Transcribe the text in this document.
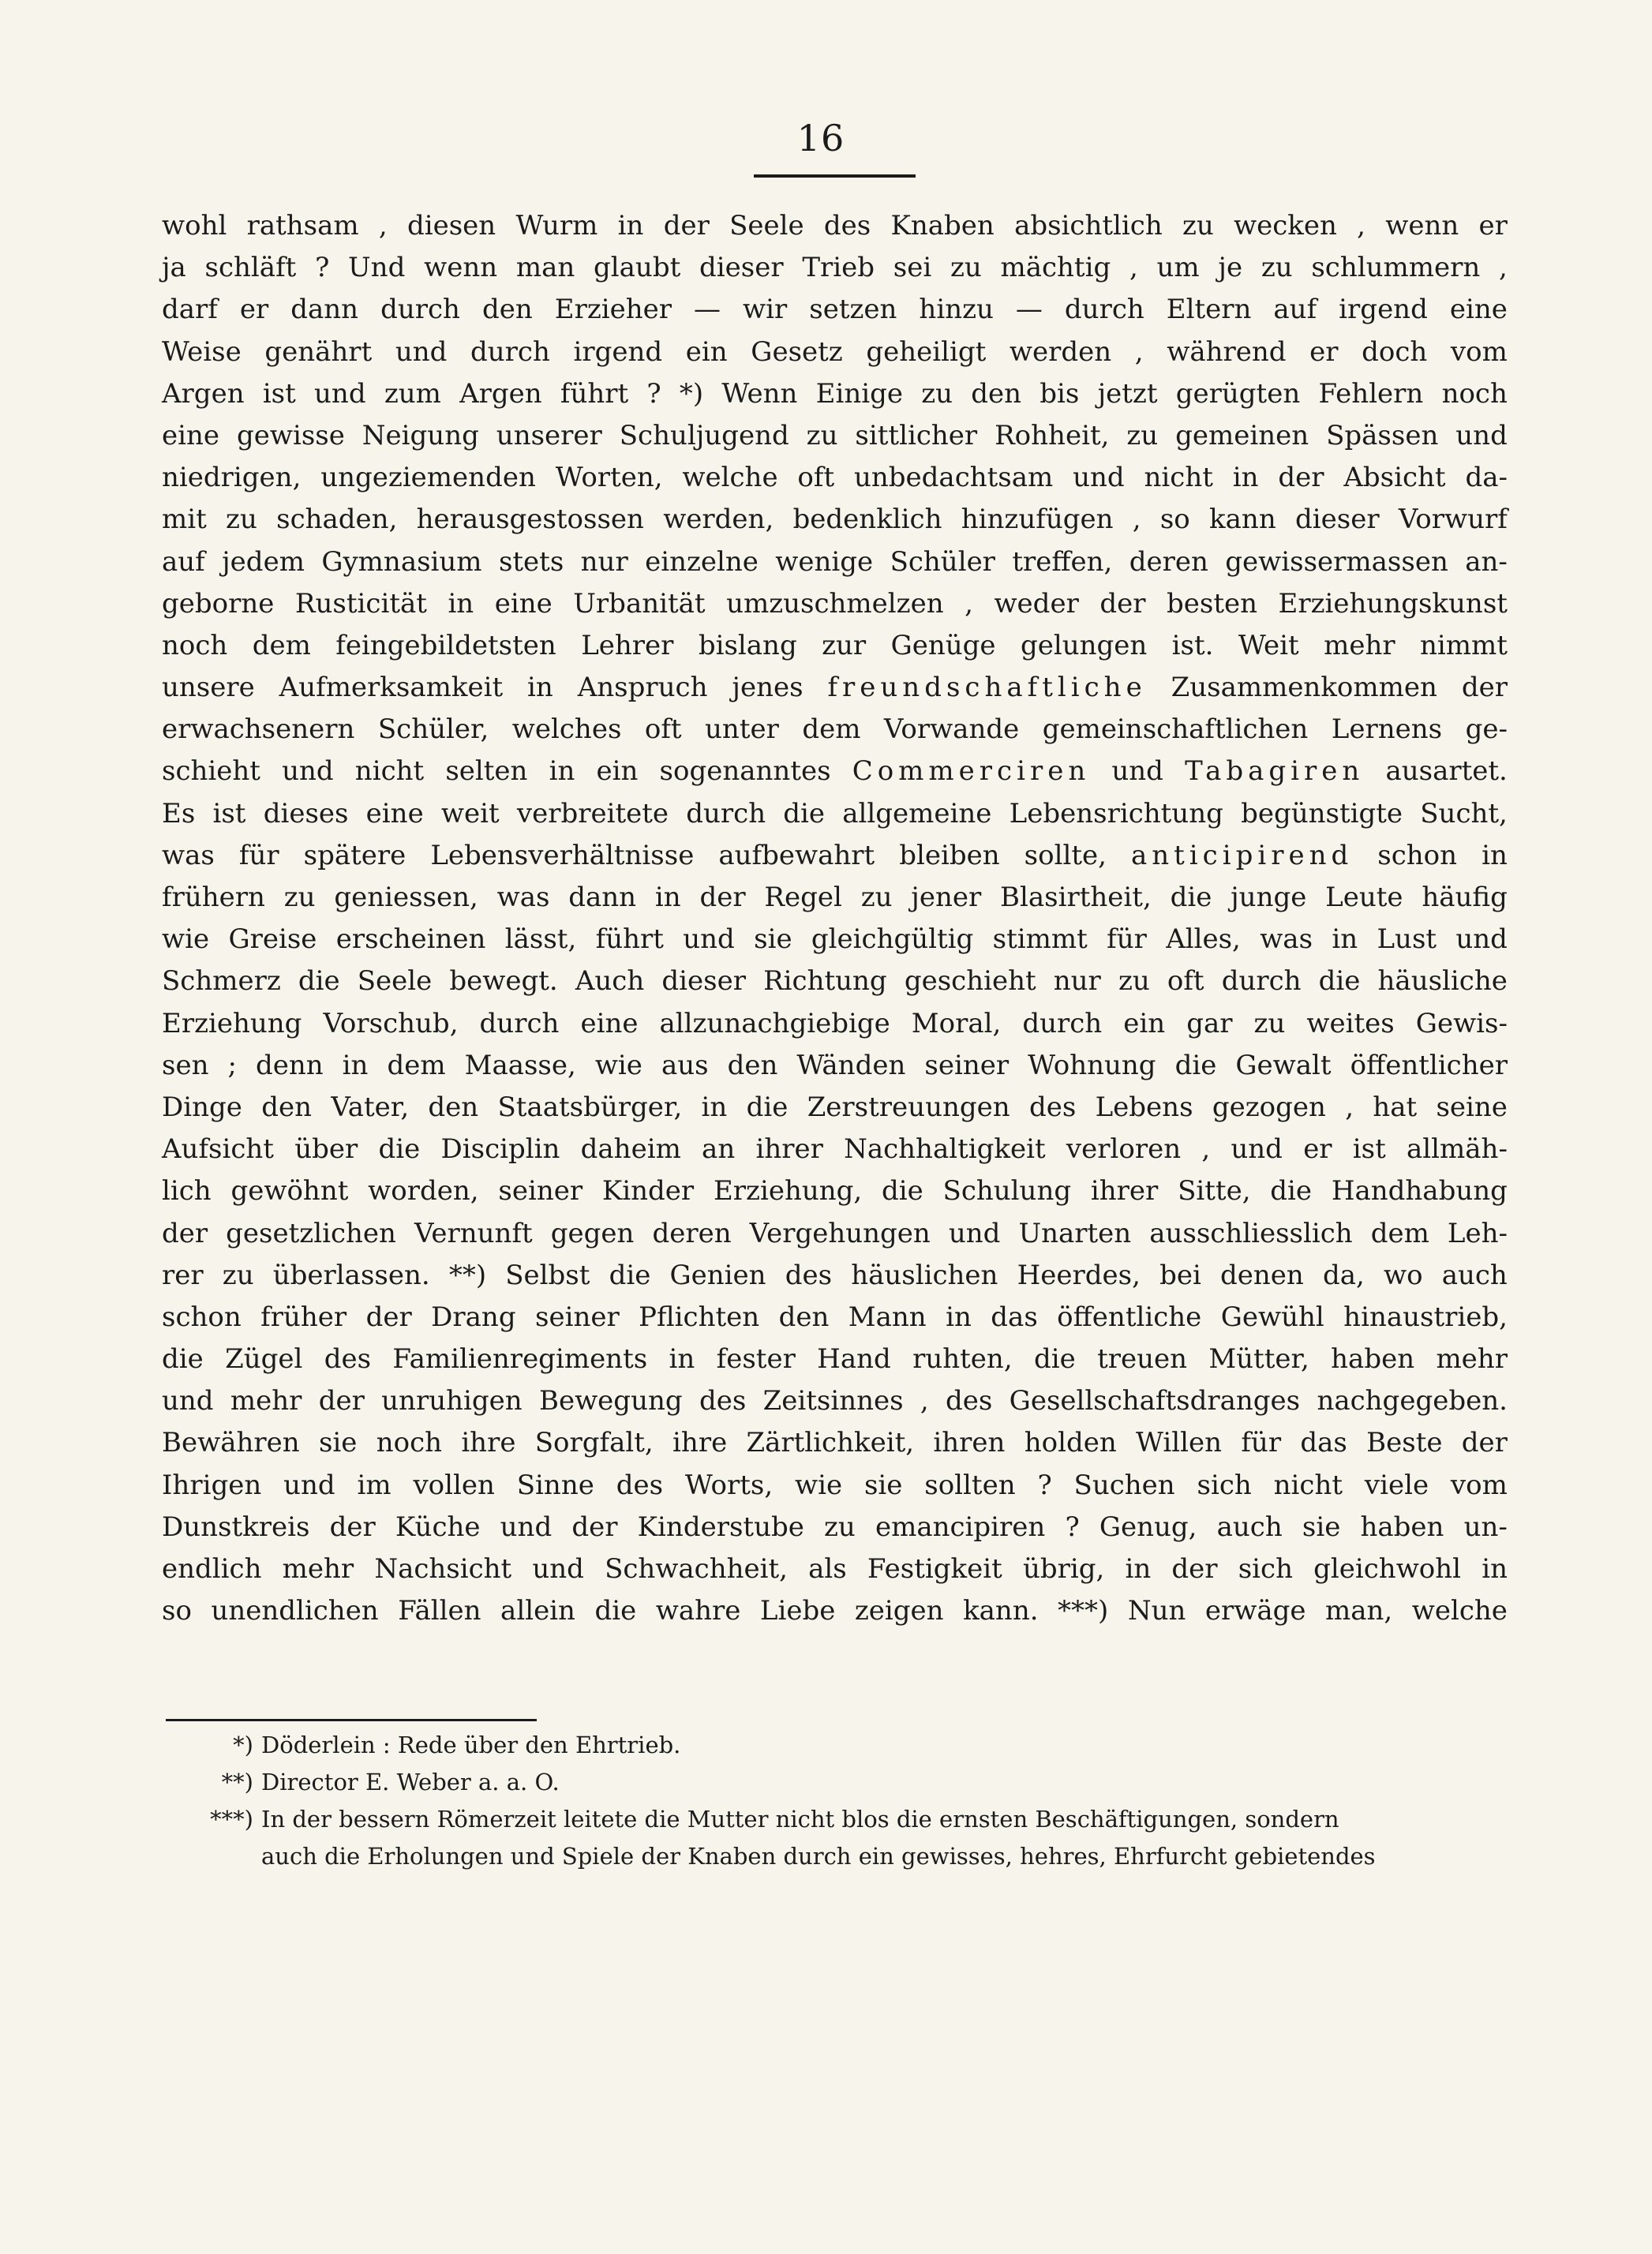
16
wohl rathsam , diesen Wurm in der Seele des Knaben absichtlich zu wecken , wenn er
ja schläft ? Und wenn man glaubt dieser Trieb sei zu mächtig , um je zu schlummern ,
darf er dann durch den Erzieher — wir setzen hinzu — durch Eltern auf irgend eine
Weise genährt und durch irgend ein Gesetz geheiligt werden , während er doch vom
Argen ist und zum Argen führt ? *) Wenn Einige zu den bis jetzt gerügten Fehlern noch
eine gewisse Neigung unserer Schuljugend zu sittlicher Rohheit, zu gemeinen Spässen und
niedrigen, ungeziemenden Worten, welche oft unbedachtsam und nicht in der Absicht da-
mit zu schaden, herausgestossen werden, bedenklich hinzufügen , so kann dieser Vorwurf
auf jedem Gymnasium stets nur einzelne wenige Schüler treffen, deren gewissermassen an-
geborne Rusticität in eine Urbanität umzuschmelzen , weder der besten Erziehungskunst
noch dem feingebildetsten Lehrer bislang zur Genüge gelungen ist. Weit mehr nimmt
unsere Aufmerksamkeit in Anspruch jenes freundschaftliche Zusammenkommen der
erwachsenern Schüler, welches oft unter dem Vorwande gemeinschaftlichen Lernens ge-
schieht und nicht selten in ein sogenanntes Commerciren und Tabagiren ausartet.
Es ist dieses eine weit verbreitete durch die allgemeine Lebensrichtung begünstigte Sucht,
was für spätere Lebensverhältnisse aufbewahrt bleiben sollte, anticipirend schon in
frühern zu geniessen, was dann in der Regel zu jener Blasirtheit, die junge Leute häufig
wie Greise erscheinen lässt, führt und sie gleichgültig stimmt für Alles, was in Lust und
Schmerz die Seele bewegt. Auch dieser Richtung geschieht nur zu oft durch die häusliche
Erziehung Vorschub, durch eine allzunachgiebige Moral, durch ein gar zu weites Gewis-
sen ; denn in dem Maasse, wie aus den Wänden seiner Wohnung die Gewalt öffentlicher
Dinge den Vater, den Staatsbürger, in die Zerstreuungen des Lebens gezogen , hat seine
Aufsicht über die Disciplin daheim an ihrer Nachhaltigkeit verloren , und er ist allmäh-
lich gewöhnt worden, seiner Kinder Erziehung, die Schulung ihrer Sitte, die Handhabung
der gesetzlichen Vernunft gegen deren Vergehungen und Unarten ausschliesslich dem Leh-
rer zu überlassen. **) Selbst die Genien des häuslichen Heerdes, bei denen da, wo auch
schon früher der Drang seiner Pflichten den Mann in das öffentliche Gewühl hinaustrieb,
die Zügel des Familienregiments in fester Hand ruhten, die treuen Mütter, haben mehr
und mehr der unruhigen Bewegung des Zeitsinnes , des Gesellschaftsdranges nachgegeben.
Bewähren sie noch ihre Sorgfalt, ihre Zärtlichkeit, ihren holden Willen für das Beste der
Ihrigen und im vollen Sinne des Worts, wie sie sollten ? Suchen sich nicht viele vom
Dunstkreis der Küche und der Kinderstube zu emancipiren ? Genug, auch sie haben un-
endlich mehr Nachsicht und Schwachheit, als Festigkeit übrig, in der sich gleichwohl in
so unendlichen Fällen allein die wahre Liebe zeigen kann. ***) Nun erwäge man, welche
*) Döderlein : Rede über den Ehrtrieb.
**) Director E. Weber a. a. O.
***) In der bessern Römerzeit leitete die Mutter nicht blos die ernsten Beschäftigungen, sondern
auch die Erholungen und Spiele der Knaben durch ein gewisses, hehres, Ehrfurcht gebietendes
